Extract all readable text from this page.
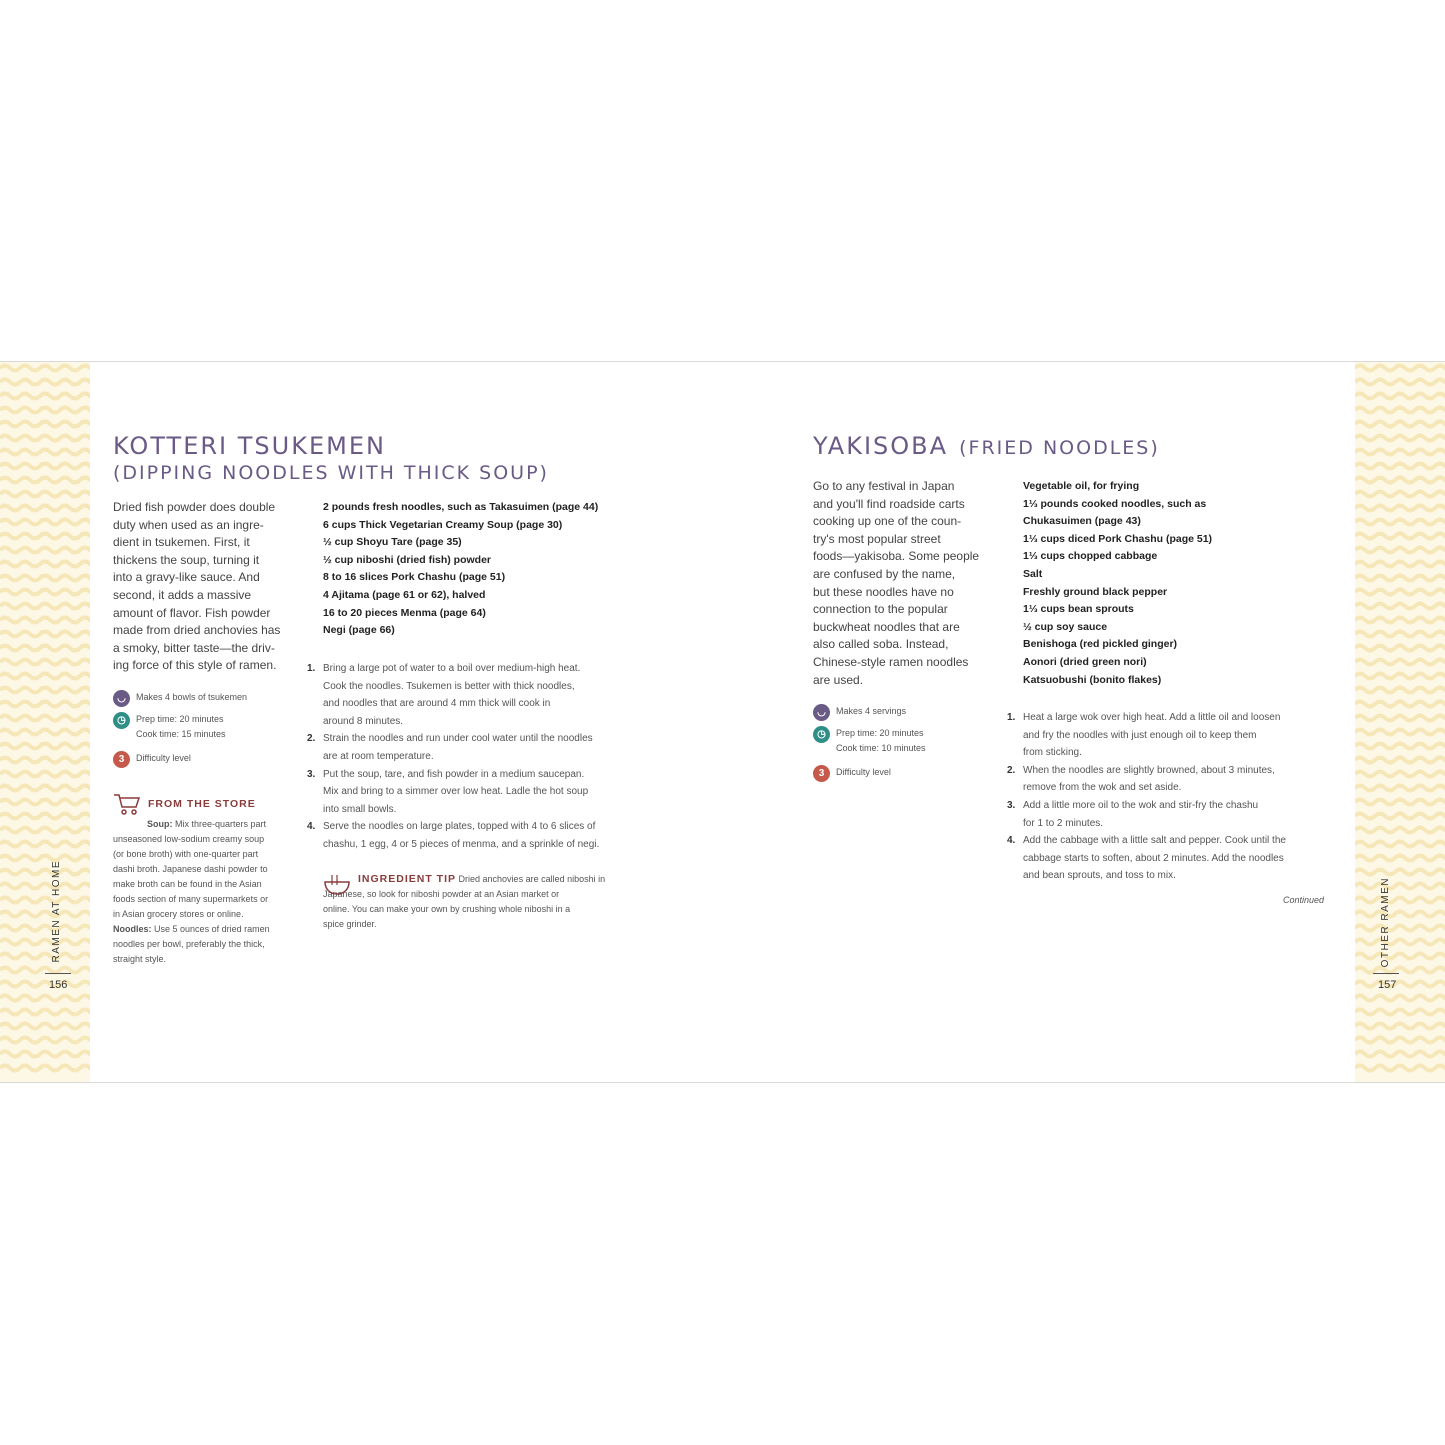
RAMEN AT HOME
156
OTHER RAMEN
157
KOTTERI TSUKEMEN
(DIPPING NOODLES WITH THICK SOUP)
Dried fish powder does double
duty when used as an ingre-
dient in tsukemen. First, it
thickens the soup, turning it
into a gravy-like sauce. And
second, it adds a massive
amount of flavor. Fish powder
made from dried anchovies has
a smoky, bitter taste—the driv-
ing force of this style of ramen.
2 pounds fresh noodles, such as Takasuimen (page 44)
6 cups Thick Vegetarian Creamy Soup (page 30)
½ cup Shoyu Tare (page 35)
½ cup niboshi (dried fish) powder
8 to 16 slices Pork Chashu (page 51)
4 Ajitama (page 61 or 62), halved
16 to 20 pieces Menma (page 64)
Negi (page 66)
1. Bring a large pot of water to a boil over medium-high heat.
Cook the noodles. Tsukemen is better with thick noodles,
and noodles that are around 4 mm thick will cook in
around 8 minutes.
2. Strain the noodles and run under cool water until the noodles
are at room temperature.
3. Put the soup, tare, and fish powder in a medium saucepan.
Mix and bring to a simmer over low heat. Ladle the hot soup
into small bowls.
4. Serve the noodles on large plates, topped with 4 to 6 slices of
chashu, 1 egg, 4 or 5 pieces of menma, and a sprinkle of negi.
◡	Makes 4 bowls of tsukemen
◷	Prep time: 20 minutes
Cook time: 15 minutes
3	Difficulty level
FROM THE STORE
Soup: Mix three-quarters part
unseasoned low-sodium creamy soup
(or bone broth) with one-quarter part
dashi broth. Japanese dashi powder to
make broth can be found in the Asian
foods section of many supermarkets or
in Asian grocery stores or online.
Noodles: Use 5 ounces of dried ramen
noodles per bowl, preferably the thick,
straight style.
INGREDIENT TIP Dried anchovies are called niboshi in
Japanese, so look for niboshi powder at an Asian market or
online. You can make your own by crushing whole niboshi in a
spice grinder.
YAKISOBA (FRIED NOODLES)
Go to any festival in Japan
and you'll find roadside carts
cooking up one of the coun-
try's most popular street
foods—yakisoba. Some people
are confused by the name,
but these noodles have no
connection to the popular
buckwheat noodles that are
also called soba. Instead,
Chinese-style ramen noodles
are used.
Vegetable oil, for frying
1⅓ pounds cooked noodles, such as
Chukasuimen (page 43)
1⅓ cups diced Pork Chashu (page 51)
1⅓ cups chopped cabbage
Salt
Freshly ground black pepper
1⅓ cups bean sprouts
½ cup soy sauce
Benishoga (red pickled ginger)
Aonori (dried green nori)
Katsuobushi (bonito flakes)
◡	Makes 4 servings
◷	Prep time: 20 minutes
Cook time: 10 minutes
3	Difficulty level
1. Heat a large wok over high heat. Add a little oil and loosen
and fry the noodles with just enough oil to keep them
from sticking.
2. When the noodles are slightly browned, about 3 minutes,
remove from the wok and set aside.
3. Add a little more oil to the wok and stir-fry the chashu
for 1 to 2 minutes.
4. Add the cabbage with a little salt and pepper. Cook until the
cabbage starts to soften, about 2 minutes. Add the noodles
and bean sprouts, and toss to mix.
Continued
